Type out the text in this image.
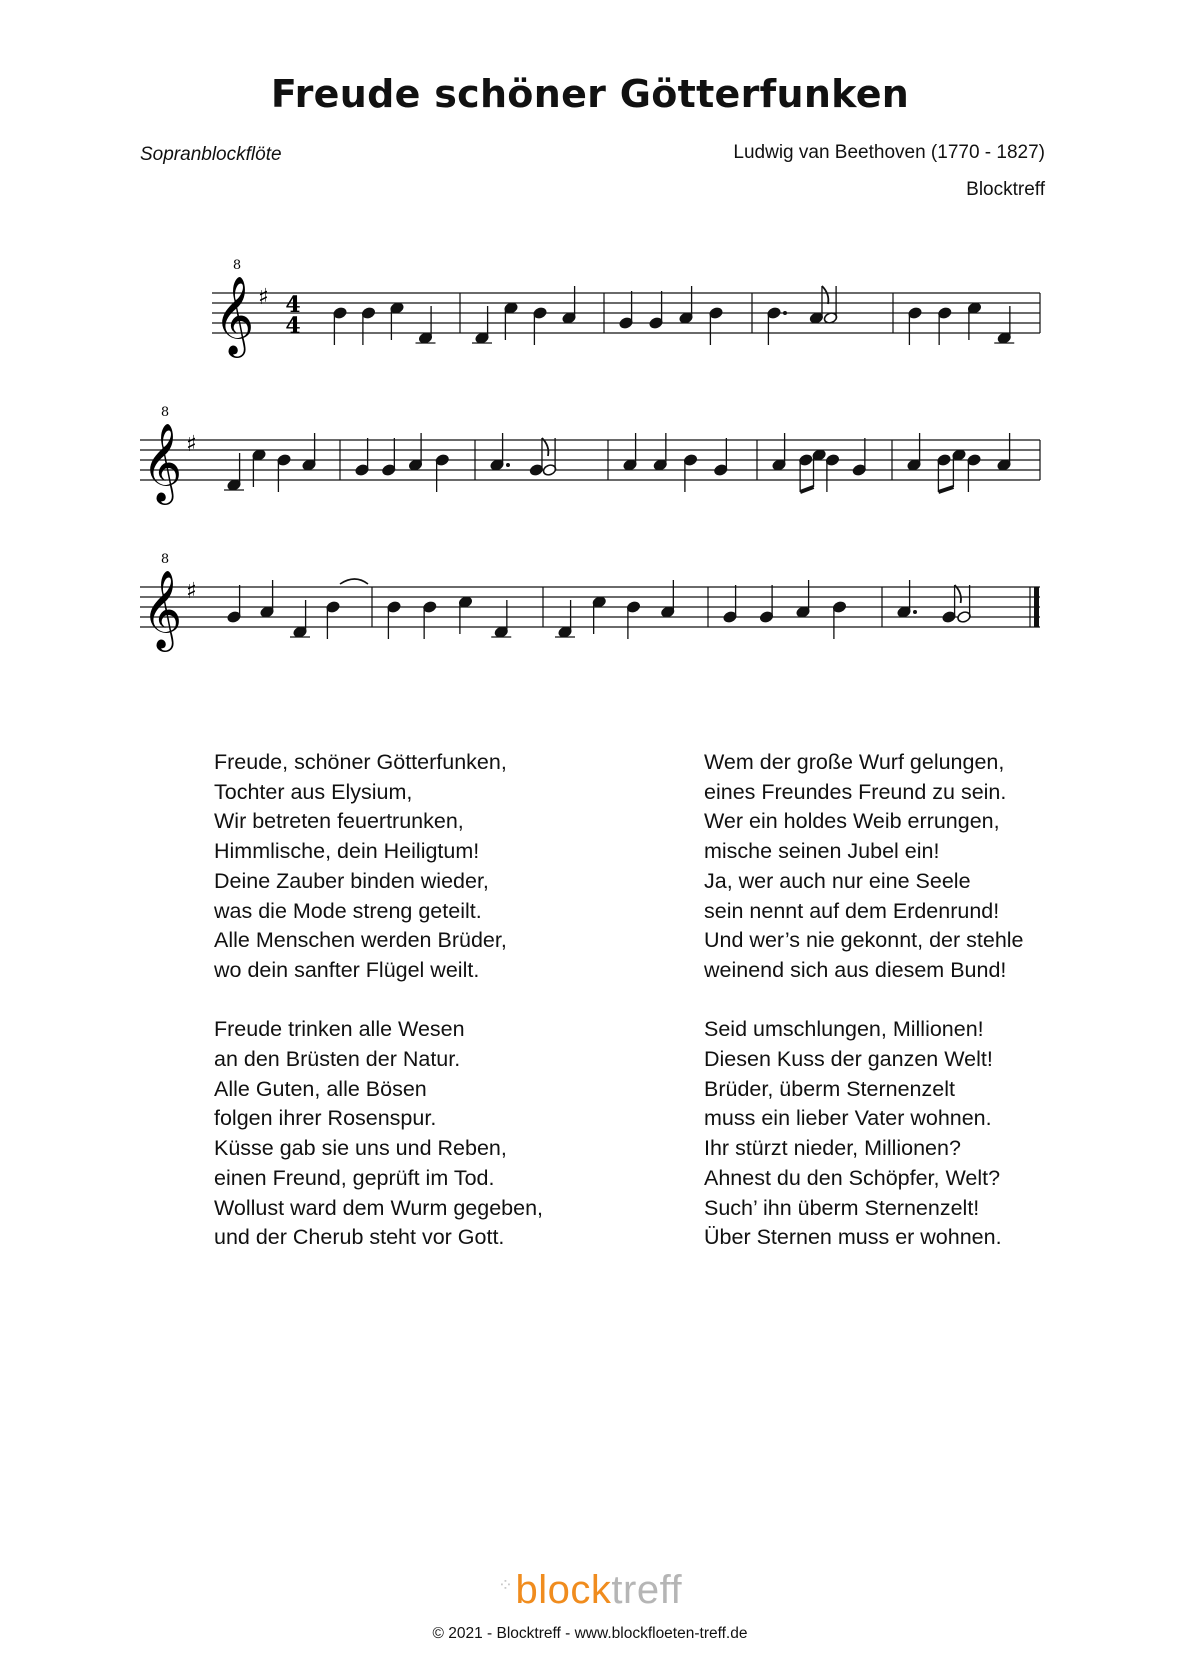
Freude schöner Götterfunken
Sopranblockflöte	Ludwig van Beethoven (1770 - 1827)
Blocktreff
8
𝄞 ♯ 4
4
8
𝄞 ♯
8
𝄞 ♯
Freude, schöner Götterfunken,
Tochter aus Elysium,
Wir betreten feuertrunken,
Himmlische, dein Heiligtum!
Deine Zauber binden wieder,
was die Mode streng geteilt.
Alle Menschen werden Brüder,
wo dein sanfter Flügel weilt.
Freude trinken alle Wesen
an den Brüsten der Natur.
Alle Guten, alle Bösen
folgen ihrer Rosenspur.
Küsse gab sie uns und Reben,
einen Freund, geprüft im Tod.
Wollust ward dem Wurm gegeben,
und der Cherub steht vor Gott.
Wem der große Wurf gelungen,
eines Freundes Freund zu sein.
Wer ein holdes Weib errungen,
mische seinen Jubel ein!
Ja, wer auch nur eine Seele
sein nennt auf dem Erdenrund!
Und wer’s nie gekonnt, der stehle
weinend sich aus diesem Bund!
Seid umschlungen, Millionen!
Diesen Kuss der ganzen Welt!
Brüder, überm Sternenzelt
muss ein lieber Vater wohnen.
Ihr stürzt nieder, Millionen?
Ahnest du den Schöpfer, Welt?
Such’ ihn überm Sternenzelt!
Über Sternen muss er wohnen.
⁘blocktreff
© 2021 - Blocktreff - www.blockfloeten-treff.de
